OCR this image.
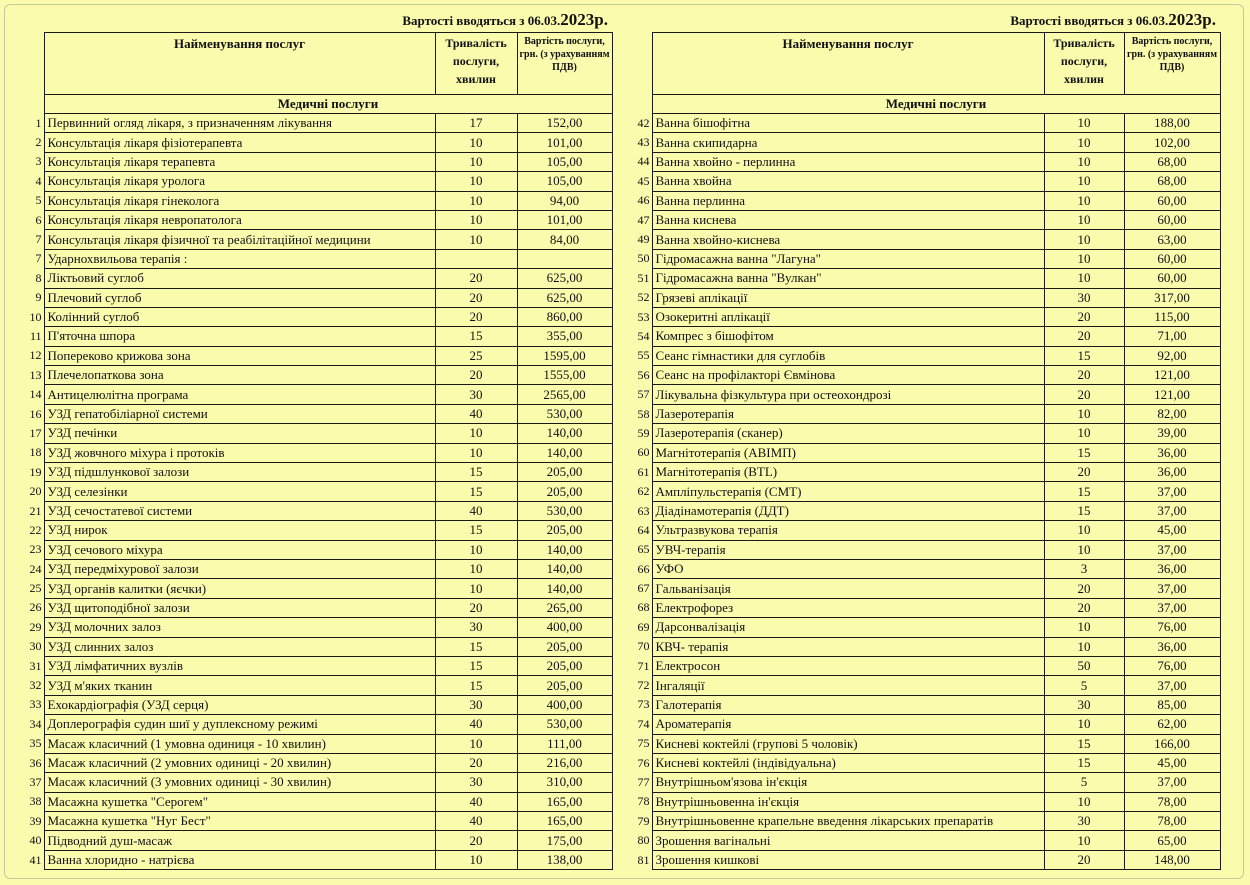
Вартості вводяться з 06.03.2023р.
	Найменування послуг	Тривалість послуги, хвилин	Вартість послуги, грн. (з урахуванням ПДВ)
	Медичні послуги		
1	Первинний огляд лікаря, з призначенням лікування	17	152,00
2	Консультація лікаря фізіотерапевта	10	101,00
3	Консультація лікаря терапевта	10	105,00
4	Консультація лікаря уролога	10	105,00
5	Консультація лікаря гінеколога	10	94,00
6	Консультація лікаря невропатолога	10	101,00
7	Консультація лікаря фізичної та реабілітаційної медицини	10	84,00
7	Ударнохвильова терапія :		
8	Ліктьовий суглоб	20	625,00
9	Плечовий суглоб	20	625,00
10	Колінний суглоб	20	860,00
11	П'яточна шпора	15	355,00
12	Попереково крижова зона	25	1595,00
13	Плечелопаткова зона	20	1555,00
14	Антицелюлітна програма	30	2565,00
16	УЗД гепатобіліарної системи	40	530,00
17	УЗД печінки	10	140,00
18	УЗД жовчного міхура і протоків	10	140,00
19	УЗД підшлункової залози	15	205,00
20	УЗД селезінки	15	205,00
21	УЗД сечостатевої системи	40	530,00
22	УЗД нирок	15	205,00
23	УЗД сечового міхура	10	140,00
24	УЗД передміхурової залози	10	140,00
25	УЗД органів калитки (яєчки)	10	140,00
26	УЗД щитоподібної залози	20	265,00
29	УЗД молочних залоз	30	400,00
30	УЗД слинних залоз	15	205,00
31	УЗД лімфатичних вузлів	15	205,00
32	УЗД м'яких тканин	15	205,00
33	Ехокардіографія (УЗД серця)	30	400,00
34	Доплерографія судин шиї у дуплексному режимі	40	530,00
35	Масаж класичний (1 умовна одиниця - 10 хвилин)	10	111,00
36	Масаж класичний (2 умовних одиниці - 20 хвилин)	20	216,00
37	Масаж класичний (3 умовних одиниці - 30 хвилин)	30	310,00
38	Масажна кушетка "Серогем"	40	165,00
39	Масажна кушетка "Нуг Бест"	40	165,00
40	Підводний душ-масаж	20	175,00
41	Ванна хлоридно - натрієва	10	138,00
Вартості вводяться з 06.03.2023р.
	Найменування послуг	Тривалість послуги, хвилин	Вартість послуги, грн. (з урахуванням ПДВ)
	Медичні послуги		
42	Ванна бішофітна	10	188,00
43	Ванна скипидарна	10	102,00
44	Ванна хвойно - перлинна	10	68,00
45	Ванна хвойна	10	68,00
46	Ванна перлинна	10	60,00
47	Ванна киснева	10	60,00
49	Ванна хвойно-киснева	10	63,00
50	Гідромасажна ванна "Лагуна"	10	60,00
51	Гідромасажна ванна "Вулкан"	10	60,00
52	Грязеві аплікації	30	317,00
53	Озокеритні аплікації	20	115,00
54	Компрес з бішофітом	20	71,00
55	Сеанс гімнастики для суглобів	15	92,00
56	Сеанс на профілакторі Євмінова	20	121,00
57	Лікувальна фізкультура при остеохондрозі	20	121,00
58	Лазеротерапія	10	82,00
59	Лазеротерапія (сканер)	10	39,00
60	Магнітотерапія (АВІМП)	15	36,00
61	Магнітотерапія (BTL)	20	36,00
62	Ампліпульстерапія (СМТ)	15	37,00
63	Діадінамотерапія (ДДТ)	15	37,00
64	Ультразвукова терапія	10	45,00
65	УВЧ-терапія	10	37,00
66	УФО	3	36,00
67	Гальванізація	20	37,00
68	Електрофорез	20	37,00
69	Дарсонвалізація	10	76,00
70	КВЧ- терапія	10	36,00
71	Електросон	50	76,00
72	Інгаляції	5	37,00
73	Галотерапія	30	85,00
74	Ароматерапія	10	62,00
75	Кисневі коктейлі (групові 5 чоловік)	15	166,00
76	Кисневі коктейлі (індівідуальна)	15	45,00
77	Внутрішньом'язова ін'єкція	5	37,00
78	Внутрішньовенна ін'єкція	10	78,00
79	Внутрішньовенне крапельне введення лікарських препаратів	30	78,00
80	Зрошення вагінальні	10	65,00
81	Зрошення кишкові	20	148,00
